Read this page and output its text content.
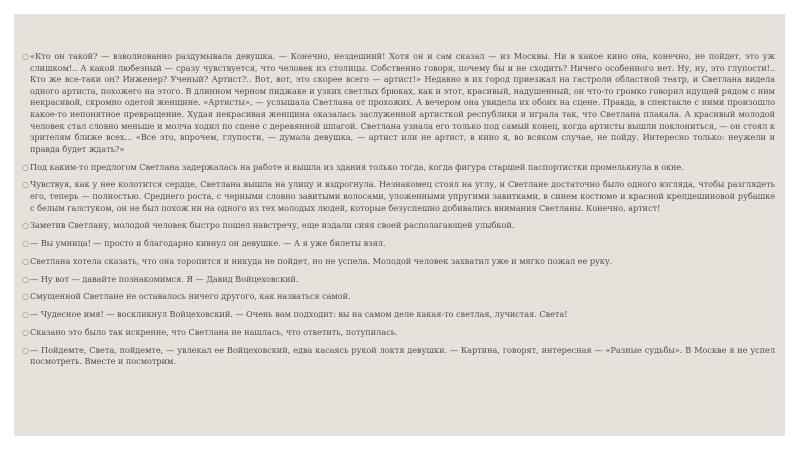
○ «Кто он такой? — взволнованно раздумывала девушка. — Конечно, нездешний! Хотя он и сам сказал — из Москвы. Ни в какое кино она, конечно, не пойдет, это уж слишком!.. А какой любезный — сразу чувствуется, что человек из столицы. Собственно говоря, почему бы и не сходить? Ничего особенного нет. Ну, ну, это глупости!.. Кто же все-таки он? Инженер? Ученый? Артист?.. Вот, вот, это скорее всего — артист!» Недавно в их город приезжал на гастроли областной театр, и Светлана видела одного артиста, похожего на этого. В длинном черном пиджаке и узких светлых брюках, как и этот, красивый, надушенный, он что-то громко говорил идущей рядом с ним некрасивой, скромно одетой женщине. «Артисты», — услышала Светлана от прохожих. А вечером она увидела их обоих на сцене. Правда, в спектакле с ними произошло какое-то непонятное превращение. Худая некрасивая женщина оказалась заслуженной артисткой республики и играла так, что Светлана плакала. А красивый молодой человек стал словно меньше и молча ходил по сцене с деревянной шпагой. Светлана узнала его только под самый конец, когда артисты вышли поклониться, — он стоял к зрителям ближе всех... «Все это, впрочем, глупости, — думала девушка, — артист или не артист, в кино я, во всяком случае, не пойду. Интересно только: неужели и правда будет ждать?»
○ Под каким-то предлогом Светлана задержалась на работе и вышла из здания только тогда, когда фигура старшей паспортистки промелькнула в окне.
○ Чувствуя, как у нее колотится сердце, Светлана вышла на улицу и вздрогнула. Незнакомец стоял на углу, и Светлане достаточно было одного взгляда, чтобы разглядеть его, теперь — полностью. Среднего роста, с черными словно завитыми волосами, уложенными упругими завитками, в синем костюме и красной крепдешиновой рубашке с белым галстуком, он не был похож ни на одного из тех молодых людей, которые безуспешно добивались внимания Светланы. Конечно, артист!
○ Заметив Светлану, молодой человек быстро пошел навстречу, еще издали сияя своей располагающей улыбкой.
○ — Вы умница! — просто и благодарно кивнул он девушке. — А я уже билеты взял.
○ Светлана хотела сказать, что она торопится и никуда не пойдет, но не успела. Молодой человек захватил уже и мягко пожал ее руку.
○ — Ну вот — давайте познакомимся. Я — Давид Войцеховский.
○ Смущенной Светлане не оставалось ничего другого, как назваться самой.
○ — Чудесное имя! — воскликнул Войцеховский. — Очень вам подходит: вы на самом деле какая-то светлая, лучистая. Света!
○ Сказано это было так искренне, что Светлана не нашлась, что ответить, потупилась.
○ — Пойдемте, Света, пойдемте, — увлекал ее Войцеховский, едва касаясь рукой локтя девушки. — Картина, говорят, интересная — «Разные судьбы». В Москве я не успел посмотреть. Вместе и посмотрим.
